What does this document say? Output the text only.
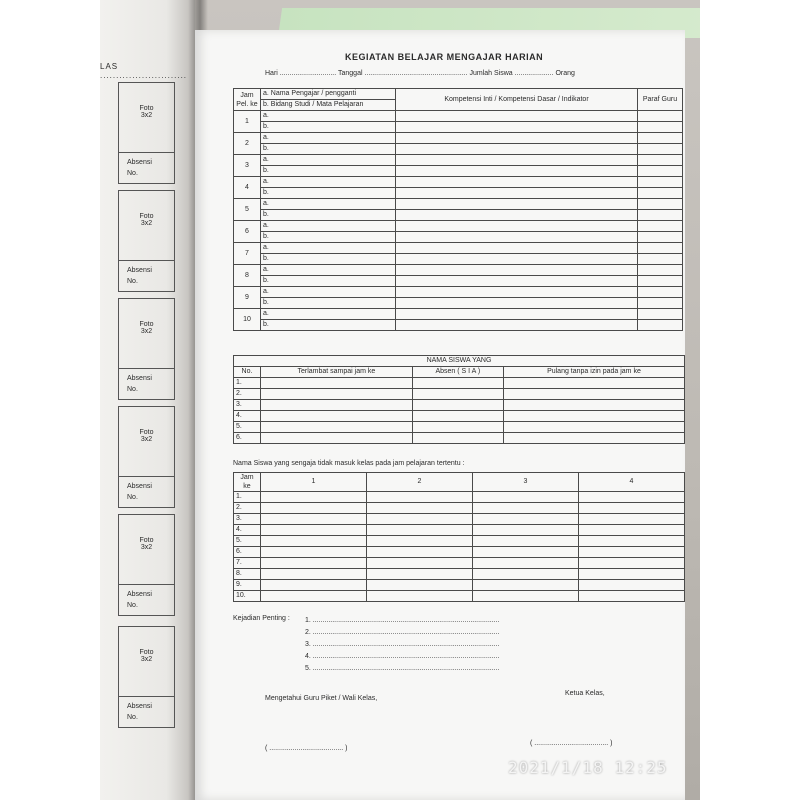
LAS ...........................
Foto
3x2
Absensi
No.
Foto
3x2
Absensi
No.
Foto
3x2
Absensi
No.
Foto
3x2
Absensi
No.
Foto
3x2
Absensi
No.
Foto
3x2
Absensi
No.
KEGIATAN BELAJAR MENGAJAR HARIAN
Hari ............................. Tanggal ..................................................... Jumlah Siswa .................... Orang
Jam Pel. ke	a. Nama Pengajar / pengganti	Kompetensi Inti / Kompetensi Dasar / Indikator	Paraf Guru
	b. Bidang Studi / Mata Pelajaran		
1	a.		
	b.		
2	a.		
	b.		
3	a.		
	b.		
4	a.		
	b.		
5	a.		
	b.		
6	a.		
	b.		
7	a.		
	b.		
8	a.		
	b.		
9	a.		
	b.		
10	a.		
	b.		
NAMA SISWA YANG			
No.	Terlambat sampai jam ke	Absen ( S I A )	Pulang tanpa izin pada jam ke
1.			
2.			
3.			
4.			
5.			
6.			
Nama Siswa yang sengaja tidak masuk kelas pada jam pelajaran tertentu :
Jam ke	1	2	3	4
1.				
2.				
3.				
4.				
5.				
6.				
7.				
8.				
9.				
10.				
Kejadian Penting : 1. ................................................................................................
2. ................................................................................................
3. ................................................................................................
4. ................................................................................................
5. ................................................................................................
Mengetahui Guru Piket / Wali Kelas,
Ketua Kelas,
( ...................................... )
( ...................................... )
2021/1/18 12:25
